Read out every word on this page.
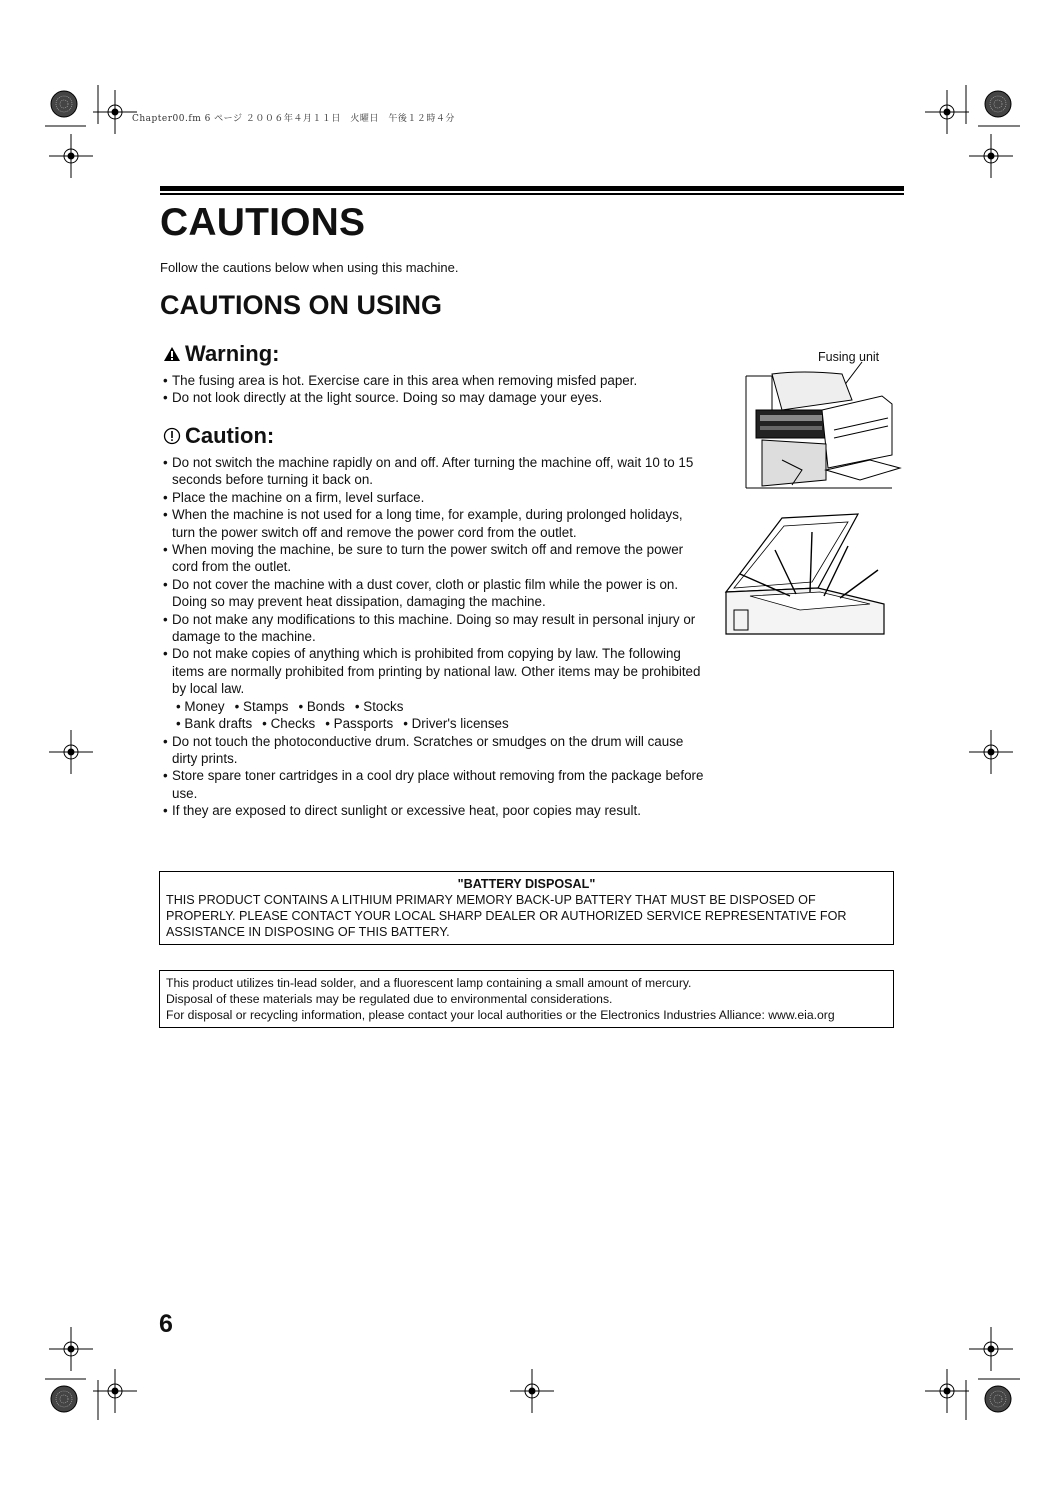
Chapter00.fm 6 ページ ２００６年４月１１日　火曜日　午後１２時４分
CAUTIONS
Follow the cautions below when using this machine.
CAUTIONS ON USING
Warning:
• The fusing area is hot. Exercise care in this area when removing misfed paper.
• Do not look directly at the light source. Doing so may damage your eyes.
Caution:
• Do not switch the machine rapidly on and off. After turning the machine off, wait 10 to 15 seconds before turning it back on.
• Place the machine on a firm, level surface.
• When the machine is not used for a long time, for example, during prolonged holidays, turn the power switch off and remove the power cord from the outlet.
• When moving the machine, be sure to turn the power switch off and remove the power cord from the outlet.
• Do not cover the machine with a dust cover, cloth or plastic film while the power is on. Doing so may prevent heat dissipation, damaging the machine.
• Do not make any modifications to this machine. Doing so may result in personal injury or damage to the machine.
• Do not make copies of anything which is prohibited from copying by law. The following items are normally prohibited from printing by national law. Other items may be prohibited by local law.
• Money • Stamps • Bonds • Stocks
• Bank drafts • Checks • Passports • Driver's licenses
• Do not touch the photoconductive drum. Scratches or smudges on the drum will cause dirty prints.
• Store spare toner cartridges in a cool dry place without removing from the package before use.
• If they are exposed to direct sunlight or excessive heat, poor copies may result.
Fusing unit
"BATTERY DISPOSAL"

THIS PRODUCT CONTAINS A LITHIUM PRIMARY MEMORY BACK-UP BATTERY THAT MUST BE DISPOSED OF PROPERLY. PLEASE CONTACT YOUR LOCAL SHARP DEALER OR AUTHORIZED SERVICE REPRESENTATIVE FOR ASSISTANCE IN DISPOSING OF THIS BATTERY.

This product utilizes tin-lead solder, and a fluorescent lamp containing a small amount of mercury.

Disposal of these materials may be regulated due to environmental considerations.

For disposal or recycling information, please contact your local authorities or the Electronics Industries Alliance: www.eia.org

6
